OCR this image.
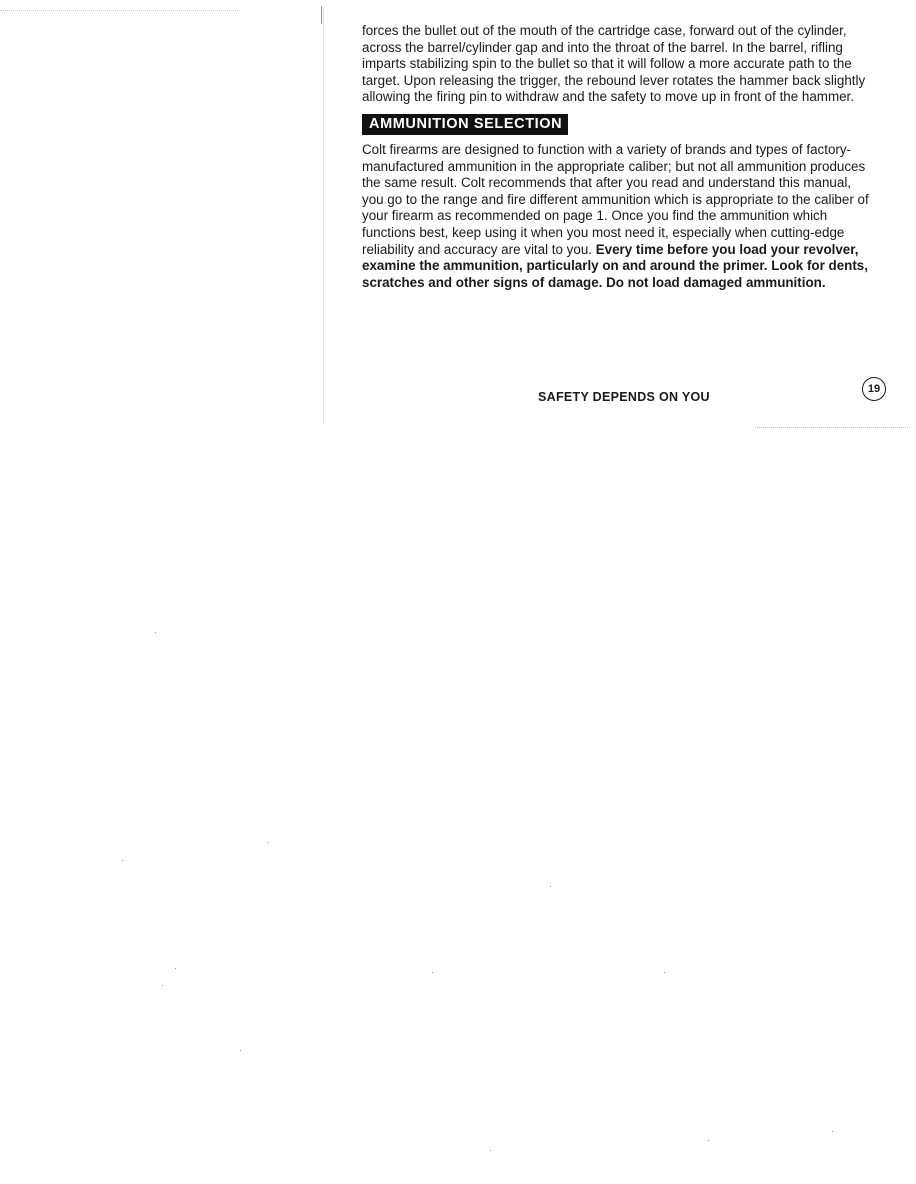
forces the bullet out of the mouth of the cartridge case, forward out of the cylinder, across the barrel/cylinder gap and into the throat of the barrel. In the barrel, rifling imparts stabilizing spin to the bullet so that it will follow a more accurate path to the target. Upon releasing the trigger, the rebound lever rotates the hammer back slightly allowing the firing pin to withdraw and the safety to move up in front of the hammer.

AMMUNITION SELECTION

Colt firearms are designed to function with a variety of brands and types of factory-manufactured ammunition in the appropriate caliber; but not all ammunition produces the same result. Colt recommends that after you read and understand this manual, you go to the range and fire different ammunition which is appropriate to the caliber of your firearm as recommended on page 1. Once you find the ammunition which functions best, keep using it when you most need it, especially when cutting-edge reliability and accuracy are vital to you. Every time before you load your revolver, examine the ammunition, particularly on and around the primer. Look for dents, scratches and other signs of damage. Do not load damaged ammunition.

SAFETY DEPENDS ON YOU
19
